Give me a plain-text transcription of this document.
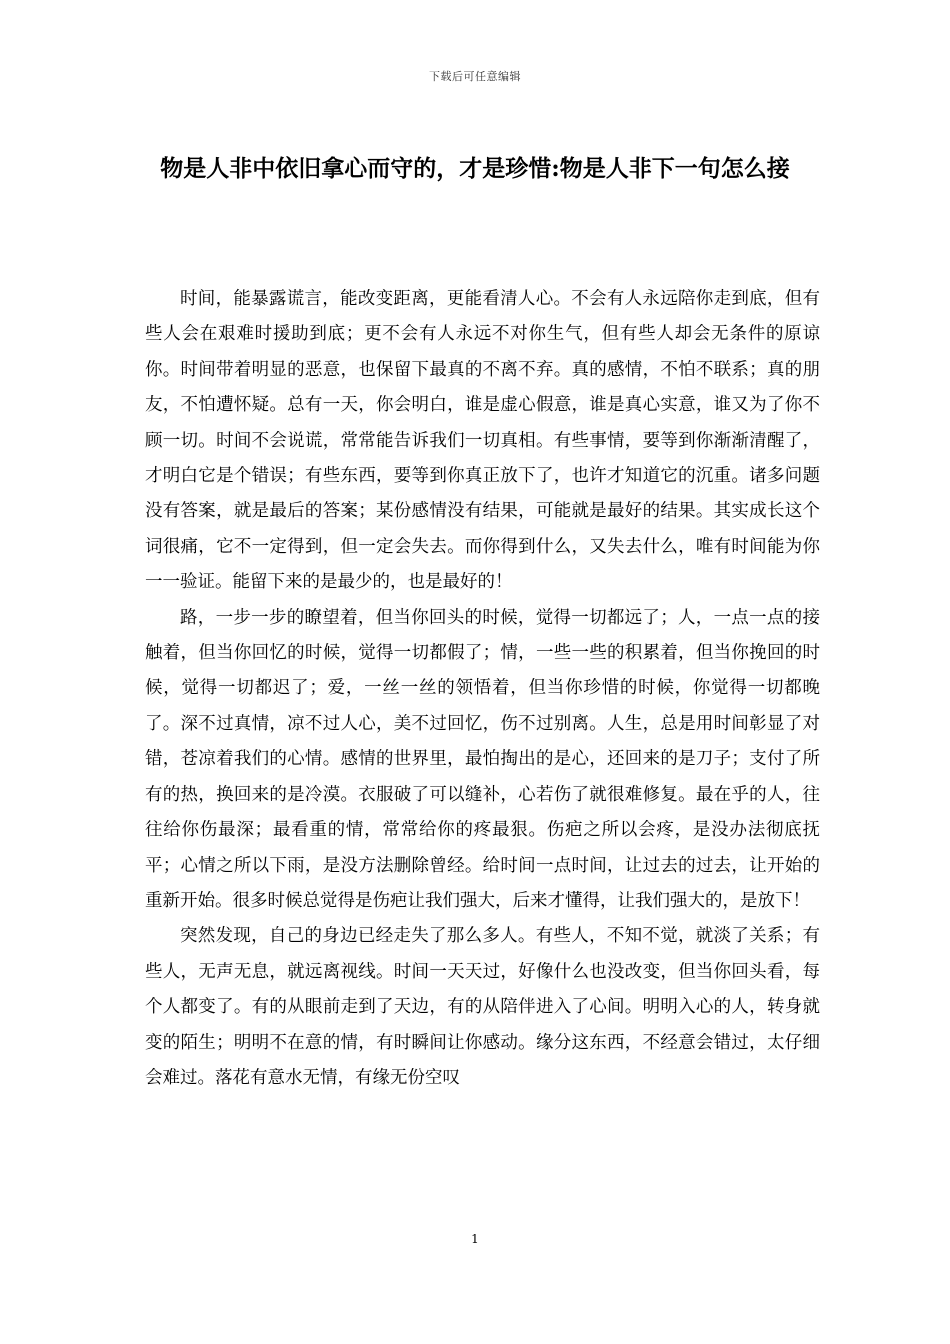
下载后可任意编辑
物是人非中依旧拿心而守的，才是珍惜:物是人非下一句怎么接

时间，能暴露谎言，能改变距离，更能看清人心。不会有人永远陪你走到底，但有些人会在艰难时援助到底；更不会有人永远不对你生气，但有些人却会无条件的原谅你。时间带着明显的恶意，也保留下最真的不离不弃。真的感情，不怕不联系；真的朋友，不怕遭怀疑。总有一天，你会明白，谁是虚心假意，谁是真心实意，谁又为了你不顾一切。时间不会说谎，常常能告诉我们一切真相。有些事情，要等到你渐渐清醒了，才明白它是个错误；有些东西，要等到你真正放下了，也许才知道它的沉重。诸多问题没有答案，就是最后的答案；某份感情没有结果，可能就是最好的结果。其实成长这个词很痛，它不一定得到，但一定会失去。而你得到什么，又失去什么，唯有时间能为你一一验证。能留下来的是最少的，也是最好的！

路，一步一步的瞭望着，但当你回头的时候，觉得一切都远了；人，一点一点的接触着，但当你回忆的时候，觉得一切都假了；情，一些一些的积累着，但当你挽回的时候，觉得一切都迟了；爱，一丝一丝的领悟着，但当你珍惜的时候，你觉得一切都晚了。深不过真情，凉不过人心，美不过回忆，伤不过别离。人生，总是用时间彰显了对错，苍凉着我们的心情。感情的世界里，最怕掏出的是心，还回来的是刀子；支付了所有的热，换回来的是冷漠。衣服破了可以缝补，心若伤了就很难修复。最在乎的人，往往给你伤最深；最看重的情，常常给你的疼最狠。伤疤之所以会疼，是没办法彻底抚平；心情之所以下雨，是没方法删除曾经。给时间一点时间，让过去的过去，让开始的重新开始。很多时候总觉得是伤疤让我们强大，后来才懂得，让我们强大的，是放下！

突然发现，自己的身边已经走失了那么多人。有些人，不知不觉，就淡了关系；有些人，无声无息，就远离视线。时间一天天过，好像什么也没改变，但当你回头看，每个人都变了。有的从眼前走到了天边，有的从陪伴进入了心间。明明入心的人，转身就变的陌生；明明不在意的情，有时瞬间让你感动。缘分这东西，不经意会错过，太仔细会难过。落花有意水无情，有缘无份空叹

1
